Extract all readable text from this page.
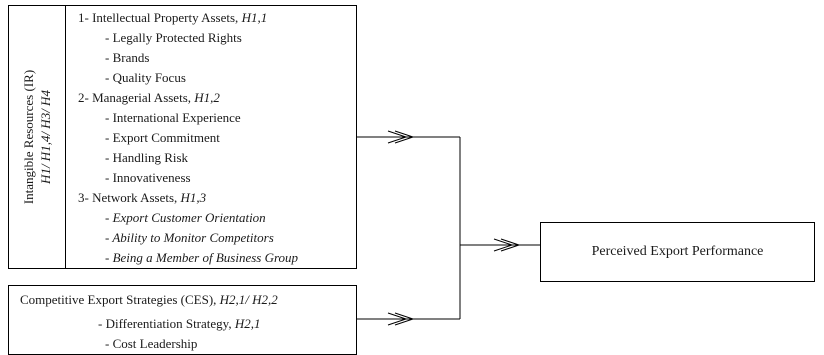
Intangible Resources (IR) H1/ H1,4/ H3/ H4
1- Intellectual Property Assets, H1,1
- Legally Protected Rights
- Brands
- Quality Focus
2- Managerial Assets, H1,2
- International Experience
- Export Commitment
- Handling Risk
- Innovativeness
3- Network Assets, H1,3
- Export Customer Orientation
- Ability to Monitor Competitors
- Being a Member of Business Group
Competitive Export Strategies (CES), H2,1/ H2,2
- Differentiation Strategy, H2,1
- Cost Leadership
Perceived Export Performance
